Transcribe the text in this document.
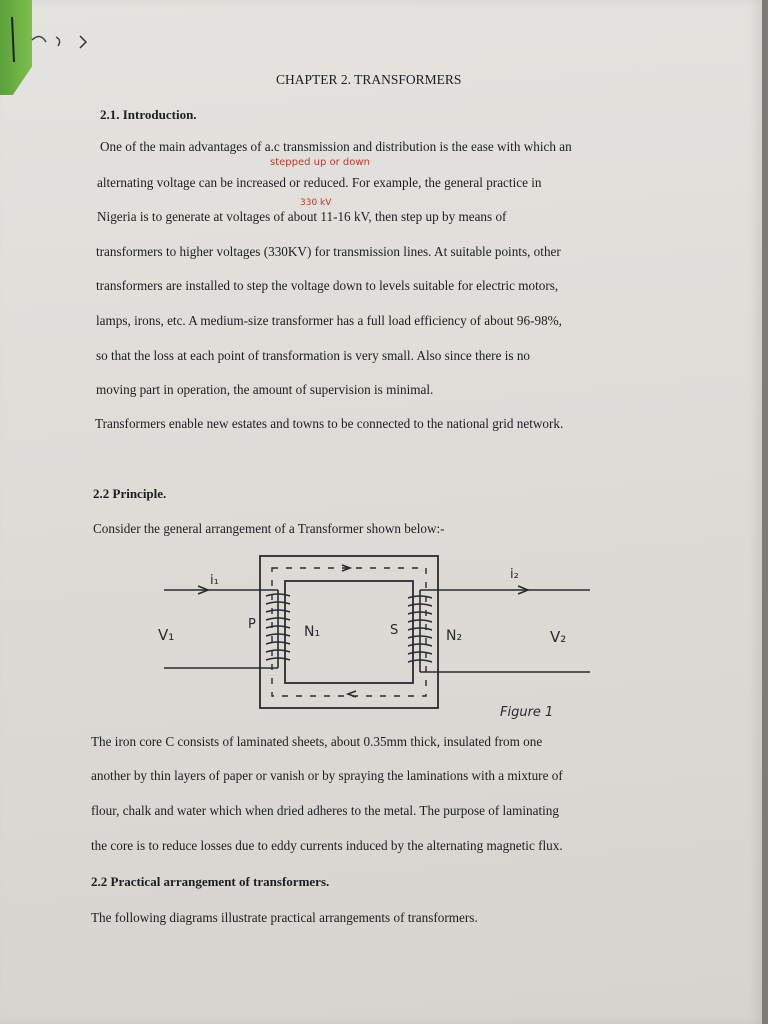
CHAPTER 2. TRANSFORMERS
2.1. Introduction.
One of the main advantages of a.c transmission and distribution is the ease with which an
stepped up or down
alternating voltage can be increased or reduced. For example, the general practice in
330 kV
Nigeria is to generate at voltages of about 11-16 kV, then step up by means of
transformers to higher voltages (330KV) for transmission lines. At suitable points, other
transformers are installed to step the voltage down to levels suitable for electric motors,
lamps, irons, etc. A medium-size transformer has a full load efficiency of about 96-98%,
so that the loss at each point of transformation is very small. Also since there is no
moving part in operation, the amount of supervision is minimal.
Transformers enable new estates and towns to be connected to the national grid network.
2.2 Principle.
Consider the general arrangement of a Transformer shown below:-
i₁	i₂
V₁	V₂
P	S
N₁	N₂
Figure 1
The iron core C consists of laminated sheets, about 0.35mm thick, insulated from one
another by thin layers of paper or vanish or by spraying the laminations with a mixture of
flour, chalk and water which when dried adheres to the metal. The purpose of laminating
the core is to reduce losses due to eddy currents induced by the alternating magnetic flux.
2.2 Practical arrangement of transformers.
The following diagrams illustrate practical arrangements of transformers.
